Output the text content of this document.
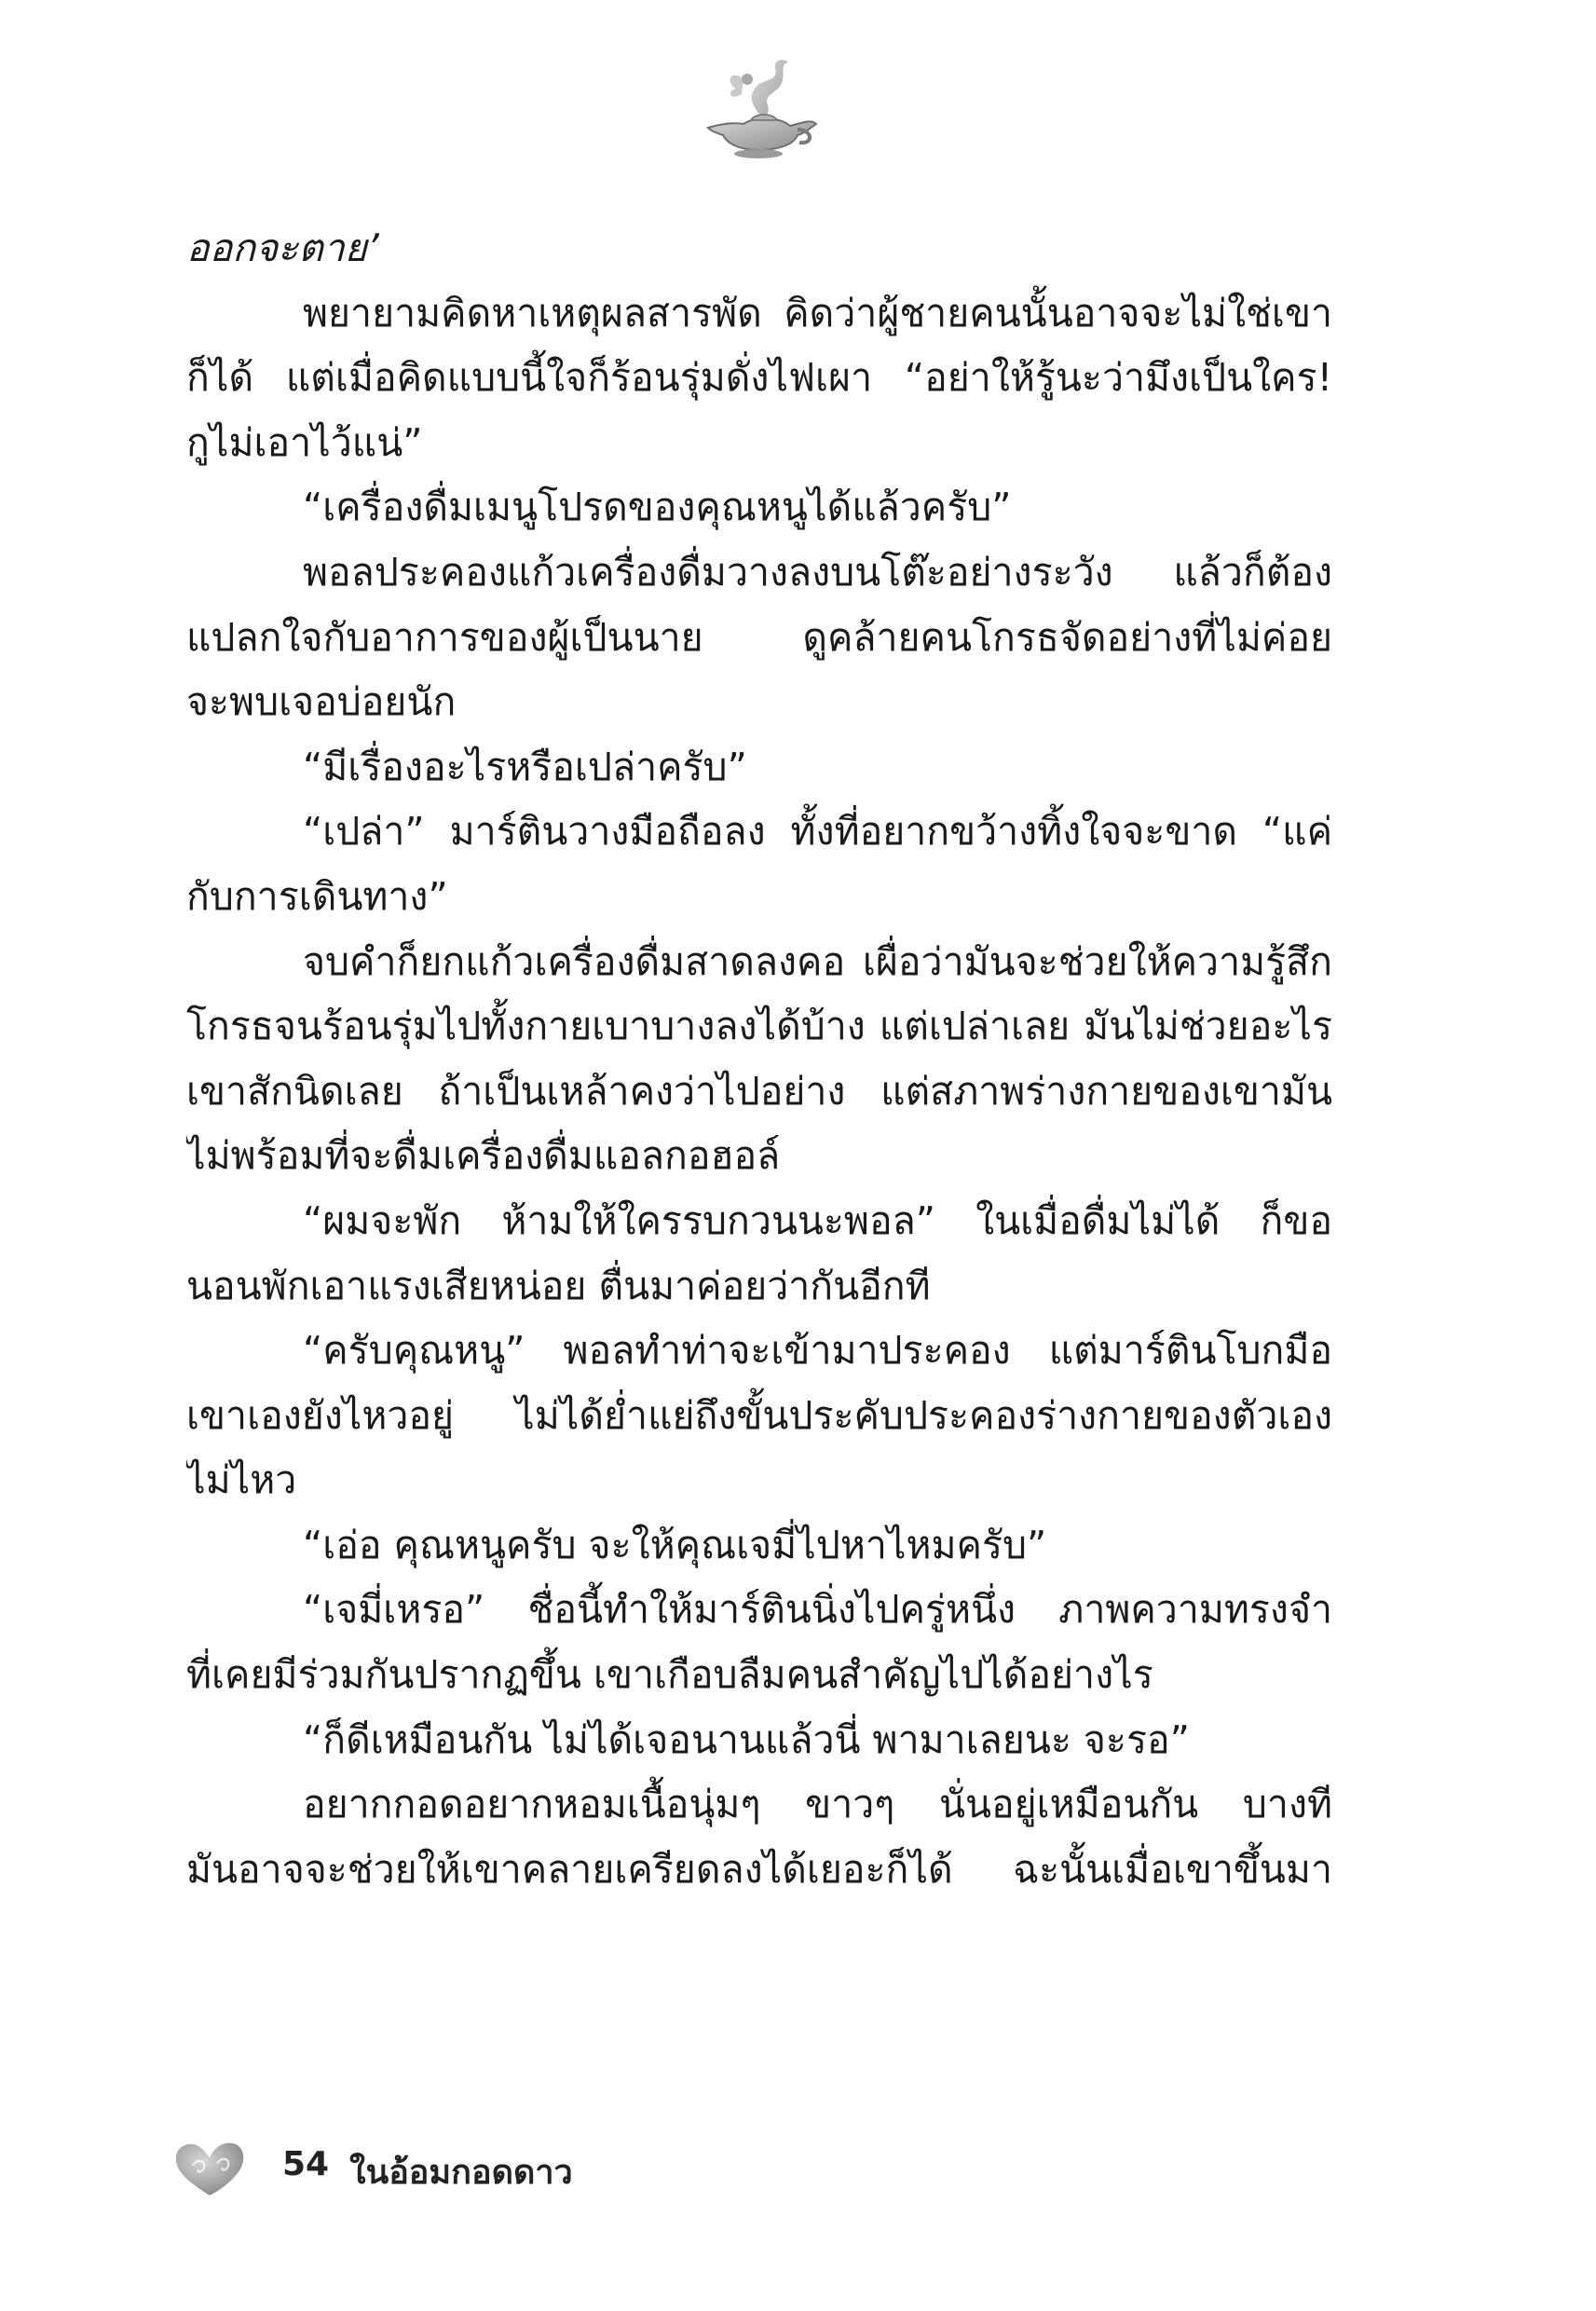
ออกจะตาย’
พยายามคิดหาเหตุผลสารพัด คิดว่าผู้ชายคนนั้นอาจจะไม่ใช่เขา
ก็ได้ แต่เมื่อคิดแบบนี้ใจก็ร้อนรุ่มดั่งไฟเผา “อย่าให้รู้นะว่ามึงเป็นใคร!
กูไม่เอาไว้แน่”
“เครื่องดื่มเมนูโปรดของคุณหนูได้แล้วครับ”
พอลประคองแก้วเครื่องดื่มวางลงบนโต๊ะอย่างระวัง แล้วก็ต้อง
แปลกใจกับอาการของผู้เป็นนาย ดูคล้ายคนโกรธจัดอย่างที่ไม่ค่อย
จะพบเจอบ่อยนัก
“มีเรื่องอะไรหรือเปล่าครับ”
“เปล่า” มาร์ตินวางมือถือลง ทั้งที่อยากขว้างทิ้งใจจะขาด “แค่
กับการเดินทาง”
จบคำก็ยกแก้วเครื่องดื่มสาดลงคอ เผื่อว่ามันจะช่วยให้ความรู้สึก
โกรธจนร้อนรุ่มไปทั้งกายเบาบางลงได้บ้าง แต่เปล่าเลย มันไม่ช่วยอะไร
เขาสักนิดเลย ถ้าเป็นเหล้าคงว่าไปอย่าง แต่สภาพร่างกายของเขามัน
ไม่พร้อมที่จะดื่มเครื่องดื่มแอลกอฮอล์
“ผมจะพัก ห้ามให้ใครรบกวนนะพอล” ในเมื่อดื่มไม่ได้ ก็ขอ
นอนพักเอาแรงเสียหน่อย ตื่นมาค่อยว่ากันอีกที
“ครับคุณหนู” พอลทำท่าจะเข้ามาประคอง แต่มาร์ตินโบกมือ
เขาเองยังไหวอยู่ ไม่ได้ย่ำแย่ถึงขั้นประคับประคองร่างกายของตัวเอง
ไม่ไหว
“เอ่อ คุณหนูครับ จะให้คุณเจมี่ไปหาไหมครับ”
“เจมี่เหรอ” ชื่อนี้ทำให้มาร์ตินนิ่งไปครู่หนึ่ง ภาพความทรงจำ
ที่เคยมีร่วมกันปรากฏขึ้น เขาเกือบลืมคนสำคัญไปได้อย่างไร
“ก็ดีเหมือนกัน ไม่ได้เจอนานแล้วนี่ พามาเลยนะ จะรอ”
อยากกอดอยากหอมเนื้อนุ่มๆ ขาวๆ นั่นอยู่เหมือนกัน บางที
มันอาจจะช่วยให้เขาคลายเครียดลงได้เยอะก็ได้ ฉะนั้นเมื่อเขาขึ้นมา
54 ในอ้อมกอดดาว
